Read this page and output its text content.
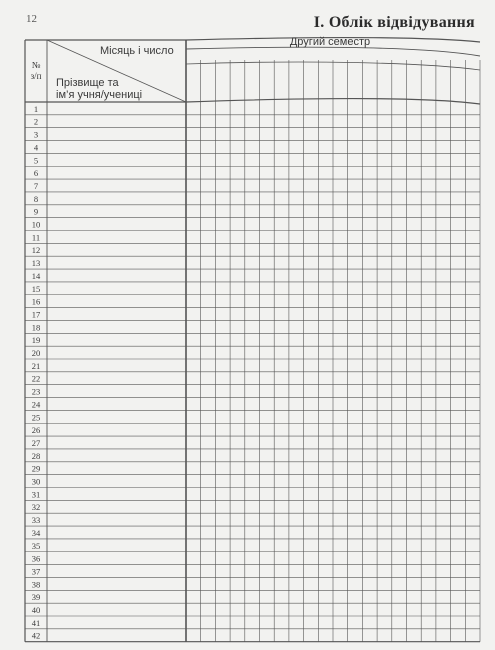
12	І. Облік відвідування
№
з/п
Місяць і число
Прізвище та
ім’я учня/учениці
Другий семестр
1
2
3
4
5
6
7
8
9
10
11
12
13
14
15
16
17
18
19
20
21
22
23
24
25
26
27
28
29
30
31
32
33
34
35
36
37
38
39
40
41
42
